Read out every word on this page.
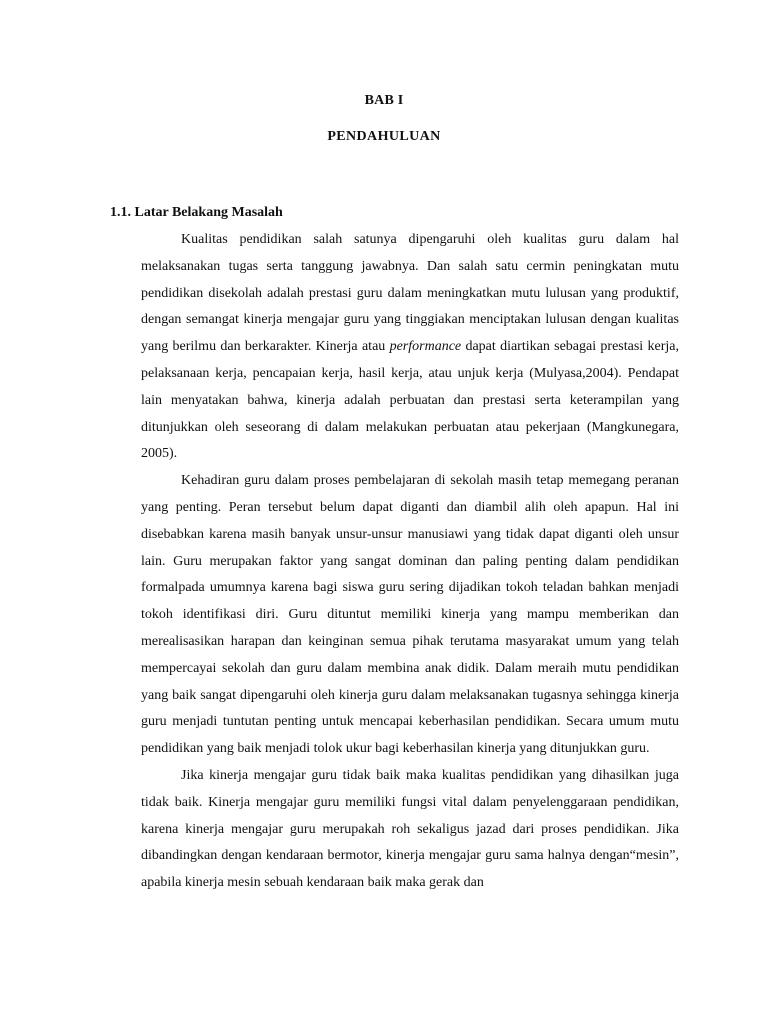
BAB I
PENDAHULUAN
1.1. Latar Belakang Masalah

Kualitas pendidikan salah satunya dipengaruhi oleh kualitas guru dalam hal melaksanakan tugas serta tanggung jawabnya. Dan salah satu cermin peningkatan mutu pendidikan disekolah adalah prestasi guru dalam meningkatkan mutu lulusan yang produktif, dengan semangat kinerja mengajar guru yang tinggiakan menciptakan lulusan dengan kualitas yang berilmu dan berkarakter. Kinerja atau performance dapat diartikan sebagai prestasi kerja, pelaksanaan kerja, pencapaian kerja, hasil kerja, atau unjuk kerja (Mulyasa,2004). Pendapat lain menyatakan bahwa, kinerja adalah perbuatan dan prestasi serta keterampilan yang ditunjukkan oleh seseorang di dalam melakukan perbuatan atau pekerjaan (Mangkunegara, 2005).

Kehadiran guru dalam proses pembelajaran di sekolah masih tetap memegang peranan yang penting. Peran tersebut belum dapat diganti dan diambil alih oleh apapun. Hal ini disebabkan karena masih banyak unsur-unsur manusiawi yang tidak dapat diganti oleh unsur lain. Guru merupakan faktor yang sangat dominan dan paling penting dalam pendidikan formalpada umumnya karena bagi siswa guru sering dijadikan tokoh teladan bahkan menjadi tokoh identifikasi diri. Guru dituntut memiliki kinerja yang mampu memberikan dan merealisasikan harapan dan keinginan semua pihak terutama masyarakat umum yang telah mempercayai sekolah dan guru dalam membina anak didik. Dalam meraih mutu pendidikan yang baik sangat dipengaruhi oleh kinerja guru dalam melaksanakan tugasnya sehingga kinerja guru menjadi tuntutan penting untuk mencapai keberhasilan pendidikan. Secara umum mutu pendidikan yang baik menjadi tolok ukur bagi keberhasilan kinerja yang ditunjukkan guru.

Jika kinerja mengajar guru tidak baik maka kualitas pendidikan yang dihasilkan juga tidak baik. Kinerja mengajar guru memiliki fungsi vital dalam penyelenggaraan pendidikan, karena kinerja mengajar guru merupakah roh sekaligus jazad dari proses pendidikan. Jika dibandingkan dengan kendaraan bermotor, kinerja mengajar guru sama halnya dengan“mesin”, apabila kinerja mesin sebuah kendaraan baik maka gerak dan
